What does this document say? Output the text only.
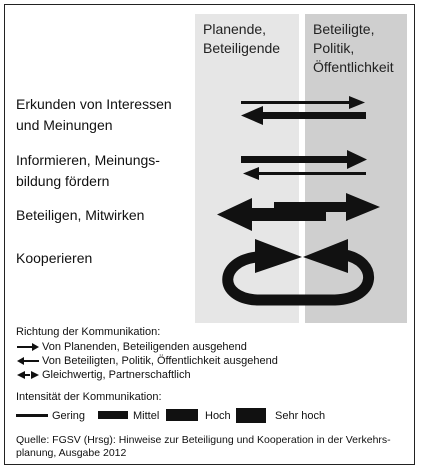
Planende,
Beteiligende
Beteiligte,
Politik,
Öffentlichkeit
Erkunden von Interessen
und Meinungen
Informieren, Meinungs-
bildung fördern
Beteiligen, Mitwirken
Kooperieren
Richtung der Kommunikation:
Von Planenden, Beteiligenden ausgehend
Von Beteiligten, Politik, Öffentlichkeit ausgehend
Gleichwertig, Partnerschaftlich
Intensität der Kommunikation:
Gering	Mittel	Hoch	Sehr hoch
Quelle: FGSV (Hrsg): Hinweise zur Beteiligung und Kooperation in der Verkehrs-
planung, Ausgabe 2012
